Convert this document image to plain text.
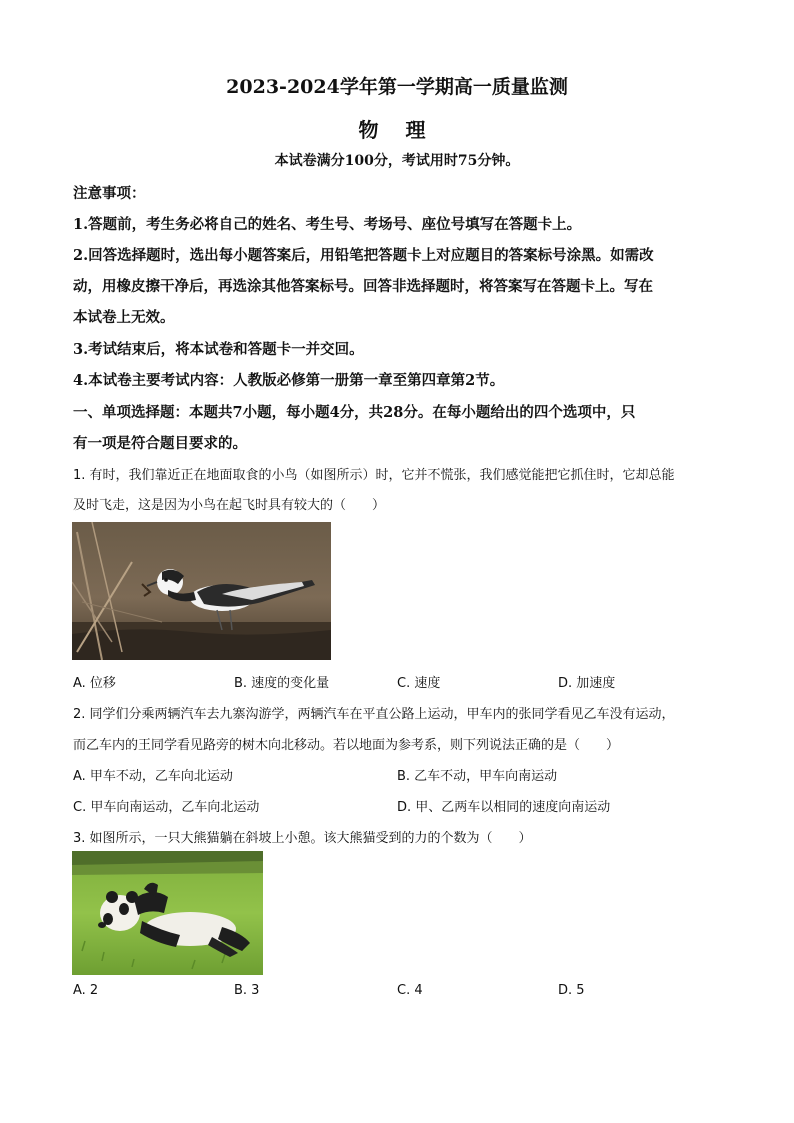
2023-2024学年第一学期高一质量监测
物 理
本试卷满分100分，考试用时75分钟。
注意事项：
1.答题前，考生务必将自己的姓名、考生号、考场号、座位号填写在答题卡上。
2.回答选择题时，选出每小题答案后，用铅笔把答题卡上对应题目的答案标号涂黑。如需改
动，用橡皮擦干净后，再选涂其他答案标号。回答非选择题时，将答案写在答题卡上。写在
本试卷上无效。
3.考试结束后，将本试卷和答题卡一并交回。
4.本试卷主要考试内容：人教版必修第一册第一章至第四章第2节。
一、单项选择题：本题共7小题，每小题4分，共28分。在每小题给出的四个选项中，只
有一项是符合题目要求的。
1. 有时，我们靠近正在地面取食的小鸟（如图所示）时，它并不慌张，我们感觉能把它抓住时，它却总能
及时飞走，这是因为小鸟在起飞时具有较大的（　　）
A. 位移	B. 速度的变化量	C. 速度	D. 加速度
2. 同学们分乘两辆汽车去九寨沟游学，两辆汽车在平直公路上运动，甲车内的张同学看见乙车没有运动，
而乙车内的王同学看见路旁的树木向北移动。若以地面为参考系，则下列说法正确的是（　　）
A. 甲车不动，乙车向北运动	B. 乙车不动，甲车向南运动
C. 甲车向南运动，乙车向北运动	D. 甲、乙两车以相同的速度向南运动
3. 如图所示，一只大熊猫躺在斜坡上小憩。该大熊猫受到的力的个数为（　　）
A. 2	B. 3	C. 4	D. 5
